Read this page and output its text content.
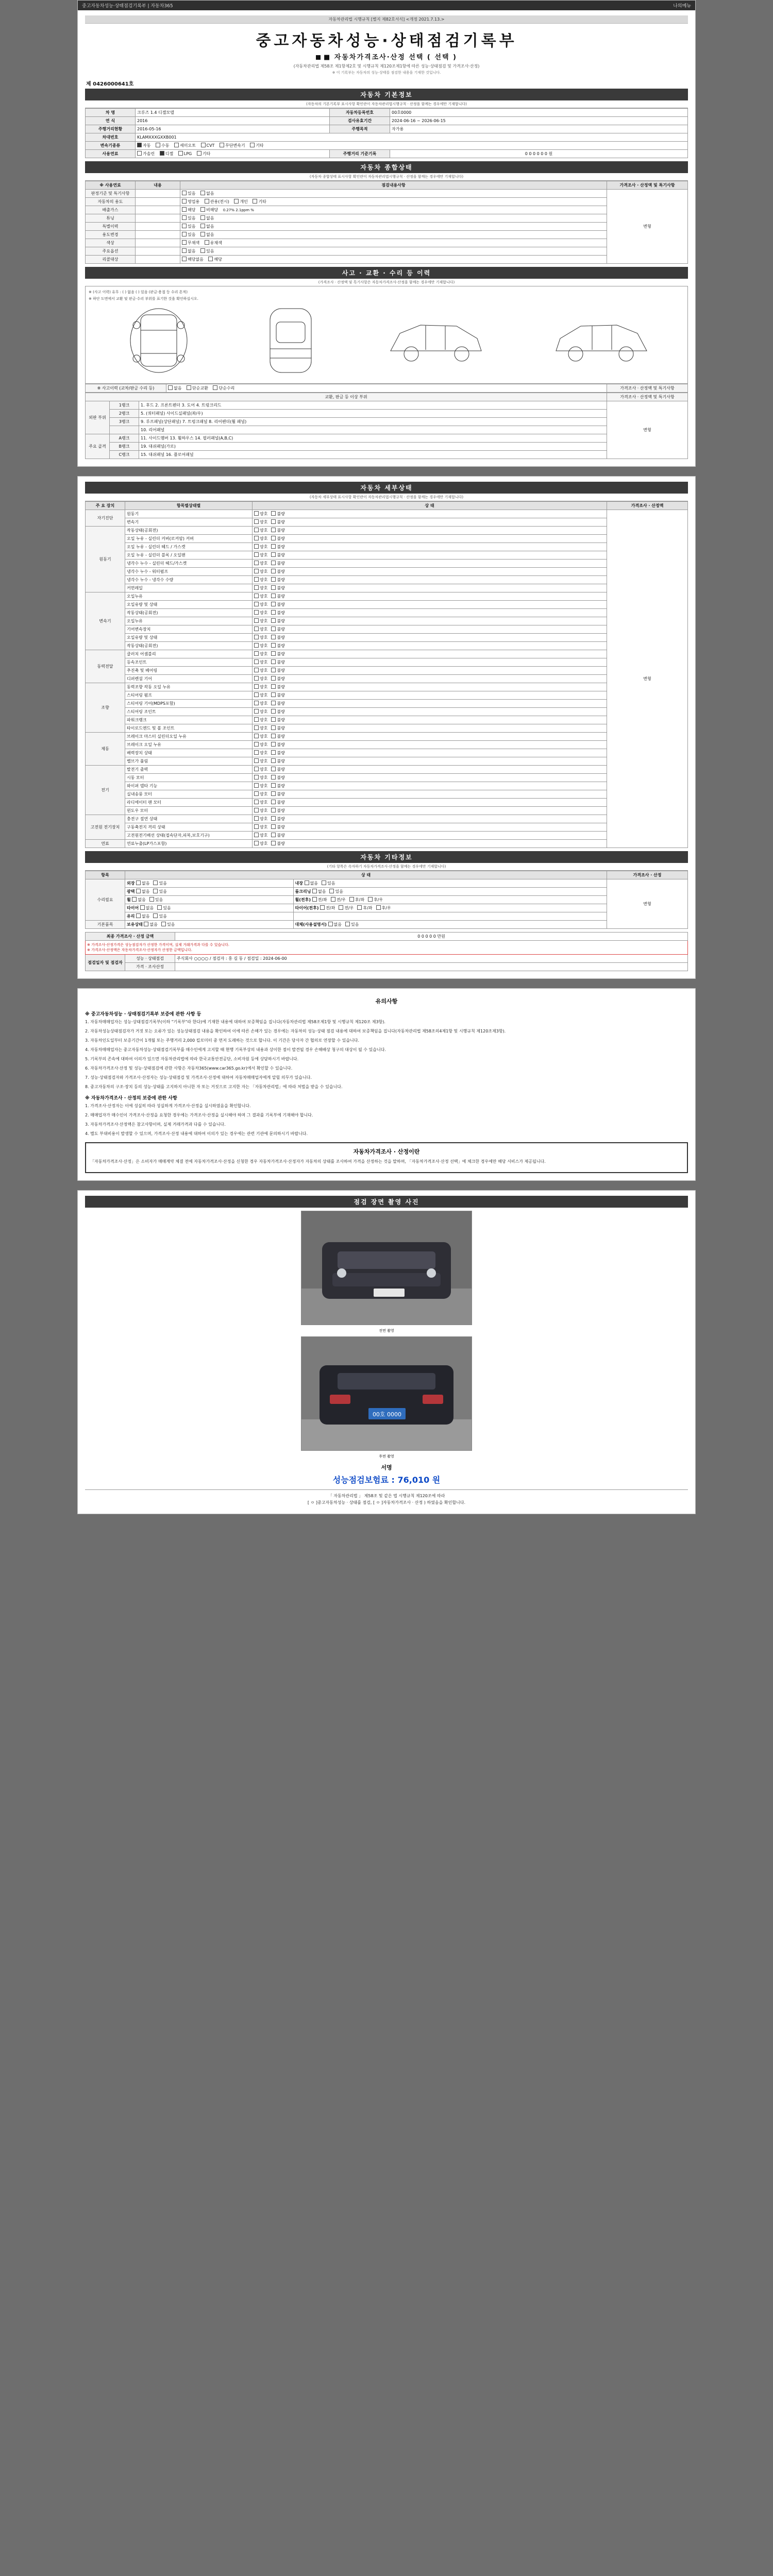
중고자동차성능·상태점검기록부 | 자동차365	나의메뉴
자동차관리법 시행규칙 [별지 제82호서식] <개정 2021.7.13.>
중고자동차성능·상태점검기록부
■ 자동차가격조사·산정 선택 ( 선택 )
(자동차관리법 제58조 제1항제2호 및 시행규칙 제120조제1항에 따른 성능·상태점검 및 가격조사·산정)
※ 이 기록부는 자동차의 성능·상태를 점검한 내용을 기재한 것입니다.
제 0426000641호
자동차 기본정보
(자동차의 기본기록부 표시사항 확인란이 자동차관리법시행규칙 · 산정을 함께는 경우에만 기재합니다)
차 명	크루즈 1.4 디젤모델	자동차등록번호	00호0000
연 식	2016	검사유효기간	2024-06-16 ~ 2026-06-15
주행거리현황	2016-05-16	주행목적	자가용
차대번호	KLAMXXXGXXB001		
변속기종류	자동 수동 세미오토 CVT 무단변속기 기타		
사용연료	가솔린 디젤 LPG 기타	주행거리 기준기록	0 0 0 0 0 0 원
자동차 종합상태
(자동차 종합상태 표시사항 확인란이 자동차관리법시행규칙 · 산정을 함께는 경우에만 기재합니다)
※ 사용연료	내용	점검내용사항	가격조사 · 산정액 및 특기사항
판정기준 및 특기사항		있음 없음	변형

자동차의 용도		영업용 관용(전시) 개인 기타	
배출가스		해당 비해당 0.27% 2.1ppm %	
튜닝		있음 없음	
특별이력		있음 없음	
용도변경		있음 없음	
색상		무채색 유채색	
주요옵션		없음 있음	
리콜대상		해당없음 해당	
사고 · 교환 · 수리 등 이력
(가격조사 · 산정액 및 특기사항은 자동차가격조사·산정을 함께는 경우에만 기재합니다)
※ (사고 이력) 유무 : ( ) 없음 ( ) 있음 (판금·용접 등 수리 흔적)
※ 하단 도면에서 교환 및 판금·수리 부위를 표기한 것을 확인하십시오.
※ 사고이력 (교차/판금 수리 등)	없음	단순교환	단순수리	가격조사 · 산정액 및 특기사항
교환, 판금 등 이상 부위			가격조사 · 산정액 및 특기사항
외판 부위	1랭크	1. 후드 2. 프론트펜더 3. 도어 4. 트렁크리드	변형
	2랭크	5. (쿼터패널) 사이드실패널(좌/우)	
	3랭크	9. 루프패널(상단패널) 7. 트렁크패널 8. 리어펜더(휠 패널)	
		10. 리어패널	
주요 골격	A랭크	11. 사이드멤버 13. 휠하우스 14. 필러패널(A,B,C)	
	B랭크	19. 대쉬패널(가로)	
	C랭크	15. 대쉬패널 16. 플로어패널	
자동차 세부상태
(자동차 세부상태 표시사항 확인란이 자동차관리법시행규칙 · 산정을 함께는 경우에만 기재합니다)
주 요 장치	항목별상태별	상 태	가격조사 · 산정액
자기진단	원동기	양호 불량	변형
	변속기	양호 불량	
원동기	작동상태(공회전)	양호 불량	
	오일 누유 - 실린더 커버(로커암) 커버	양호 불량	
	오일 누유 - 실린더 헤드 / 가스켓	양호 불량	
	오일 누유 - 실린더 블록 / 오일팬	양호 불량	
	냉각수 누수 - 실린더 헤드/가스켓	양호 불량	
	냉각수 누수 - 워터펌프	양호 불량	
	냉각수 누수 - 냉각수 수량	양호 불량	
	커먼레일	양호 불량	
변속기	오일누유	양호 불량	
	오일유량 및 상태	양호 불량	
	작동상태(공회전)	양호 불량	
	오일누유	양호 불량	
	기어변속장치	양호 불량	
	오일유량 및 상태	양호 불량	
	작동상태(공회전)	양호 불량	
동력전달	클러치 어셈블리	양호 불량	
	등속조인트	양호 불량	
	추진축 및 베어링	양호 불량	
	디퍼렌셜 기어	양호 불량	
조향	동력조향 작동 오일 누유	양호 불량	
	스티어링 펌프	양호 불량	
	스티어링 기어(MDPS포함)	양호 불량	
	스티어링 조인트	양호 불량	
	파워크랭크	양호 불량	
	타이로드엔드 및 볼 조인트	양호 불량	
제동	브레이크 마스터 실린더오일 누유	양호 불량	
	브레이크 오일 누유	양호 불량	
	배력장치 상태	양호 불량	
	밸브가 풀림	양호 불량	
전기	발전기 출력	양호 불량	
	시동 모터	양호 불량	
	와이퍼 델타 기능	양호 불량	
	실내송풍 모터	양호 불량	
	라디에이터 팬 모터	양호 불량	
	윈도우 모터	양호 불량	
고전원 전기장치	충전구 절연 상태	양호 불량	
	구동축전지 격리 상태	양호 불량	
	고전원전기배선 상태(접속단자,피복,보호기구)	양호 불량	
연료	연료누출(LP가스포함)	양호 불량	
자동차 기타정보
(기타 항목은 속자하기 자동차가격조사·산정을 함께는 경우에만 기재합니다)
항목	상 태		가격조사 · 산정
수리필요	외장 없음 있음	내장 없음 있음	변형
	광택 없음 있음	룸크리닝 없음 있음	
	휠 없음 있음	휠(전후) 전/좌 전/우 후/좌 후/우	
	타이어 없음 있음	타이어(전후) 전/좌 전/우 후/좌 후/우	
	유리 없음 있음		
기본품목	보유상태 없음 있음	대체(사용설명서) 없음 있음	
최종 가격조사 · 산정 금액		0 0 0 0 0 만원

※ 가격조사·산정가격은 성능점검자가 산정한 가격이며, 실제 거래가격과 다를 수 있습니다.
※ 가격조사·산정액은 자동차가격조사·산정자가 산정한 금액입니다.		

점검일자 및 점검자	성능 · 상태점검	주식회사 ○○○○ / 점검자 : 홍 길 동 / 점검일 : 2024-06-00
	가격 · 조사산정	
유의사항
※ 중고자동차성능 · 상태점검기록부 보증에 관한 사항 등

1. 자동차매매업자는 성능·상태점검기록부(이하 "기록부"라 한다)에 기재한 내용에 대하여 보증책임을 집니다(자동차관리법 제58조제1항 및 시행규칙 제120조 제3항).

2. 자동차성능상태점검자가 거짓 또는 오류가 있는 성능상태점검 내용을 확인하여 이에 따른 손해가 있는 경우에는 자동차의 성능·상태 점검 내용에 대하여 보증책임을 집니다(자동차관리법 제58조의4제1항 및 시행규칙 제120조제3항).

3. 자동차인도일부터 보증기간이 1개월 또는 주행거리 2,000 킬로미터 중 먼저 도래하는 것으로 합니다. 이 기간은 당사자 간 협의로 연장할 수 있습니다.

4. 자동차매매업자는 중고자동차성능·상태점검기록부를 매수인에게 고지할 때 현행 기록부상의 내용과 상이한 점이 발견될 경우 손해배상 청구의 대상이 될 수 있습니다.

5. 기록부의 존속에 대하여 이의가 있으면 자동차관리법에 따라 한국교통안전공단, 소비자원 등에 상담하시기 바랍니다.

6. 자동차가격조사·산정 및 성능·상태점검에 관한 사항은 자동차365(www.car365.go.kr)에서 확인할 수 있습니다.

7. 성능·상태점검자와 가격조사·산정자는 성능·상태점검 및 가격조사·산정에 대하여 자동차매매업자에게 알릴 의무가 있습니다.

8. 중고자동차의 구조·장치 등의 성능·상태를 고지하지 아니한 자 또는 거짓으로 고지한 자는 「자동차관리법」에 따라 처벌을 받을 수 있습니다.

※ 자동차가격조사 · 산정의 보증에 관한 사항

1. 가격조사·산정자는 이에 성실히 따라 성실하게 가격조사·산정을 실시하였음을 확인합니다.

2. 매매업자가 매수인이 가격조사·산정을 요청한 경우에는 가격조사·산정을 실시해야 하며 그 결과를 기록부에 기재해야 합니다.

3. 자동차가격조사·산정액은 참고사항이며, 실제 거래가격과 다를 수 있습니다.

4. 별도 부대비용이 발생할 수 있으며, 가격조사·산정 내용에 대하여 이의가 있는 경우에는 관련 기관에 문의하시기 바랍니다.

자동차가격조사 · 산정이란

「자동차가격조사·산정」은 소비자가 매매계약 체결 전에 자동차가격조사·산정을 신청한 경우 자동차가격조사·산정자가 자동차의 상태를 조사하여 가격을 산정하는 것을 말하며, 「자동차가격조사·산정 선택」에 체크한 경우에만 해당 서비스가 제공됩니다.

점검 장면 촬영 사진
전면 촬영
00호 0000
후면 촬영
서명
성능점검보험료 : 76,010 원
「 자동차관리법 」 제58조 및 같은 법 시행규칙 제120조에 따라
[ ㅇ ]중고자동차성능 · 상태를 점검, [ ㅇ ]자동차가격조사 · 산정 ) 하였음을 확인합니다.
